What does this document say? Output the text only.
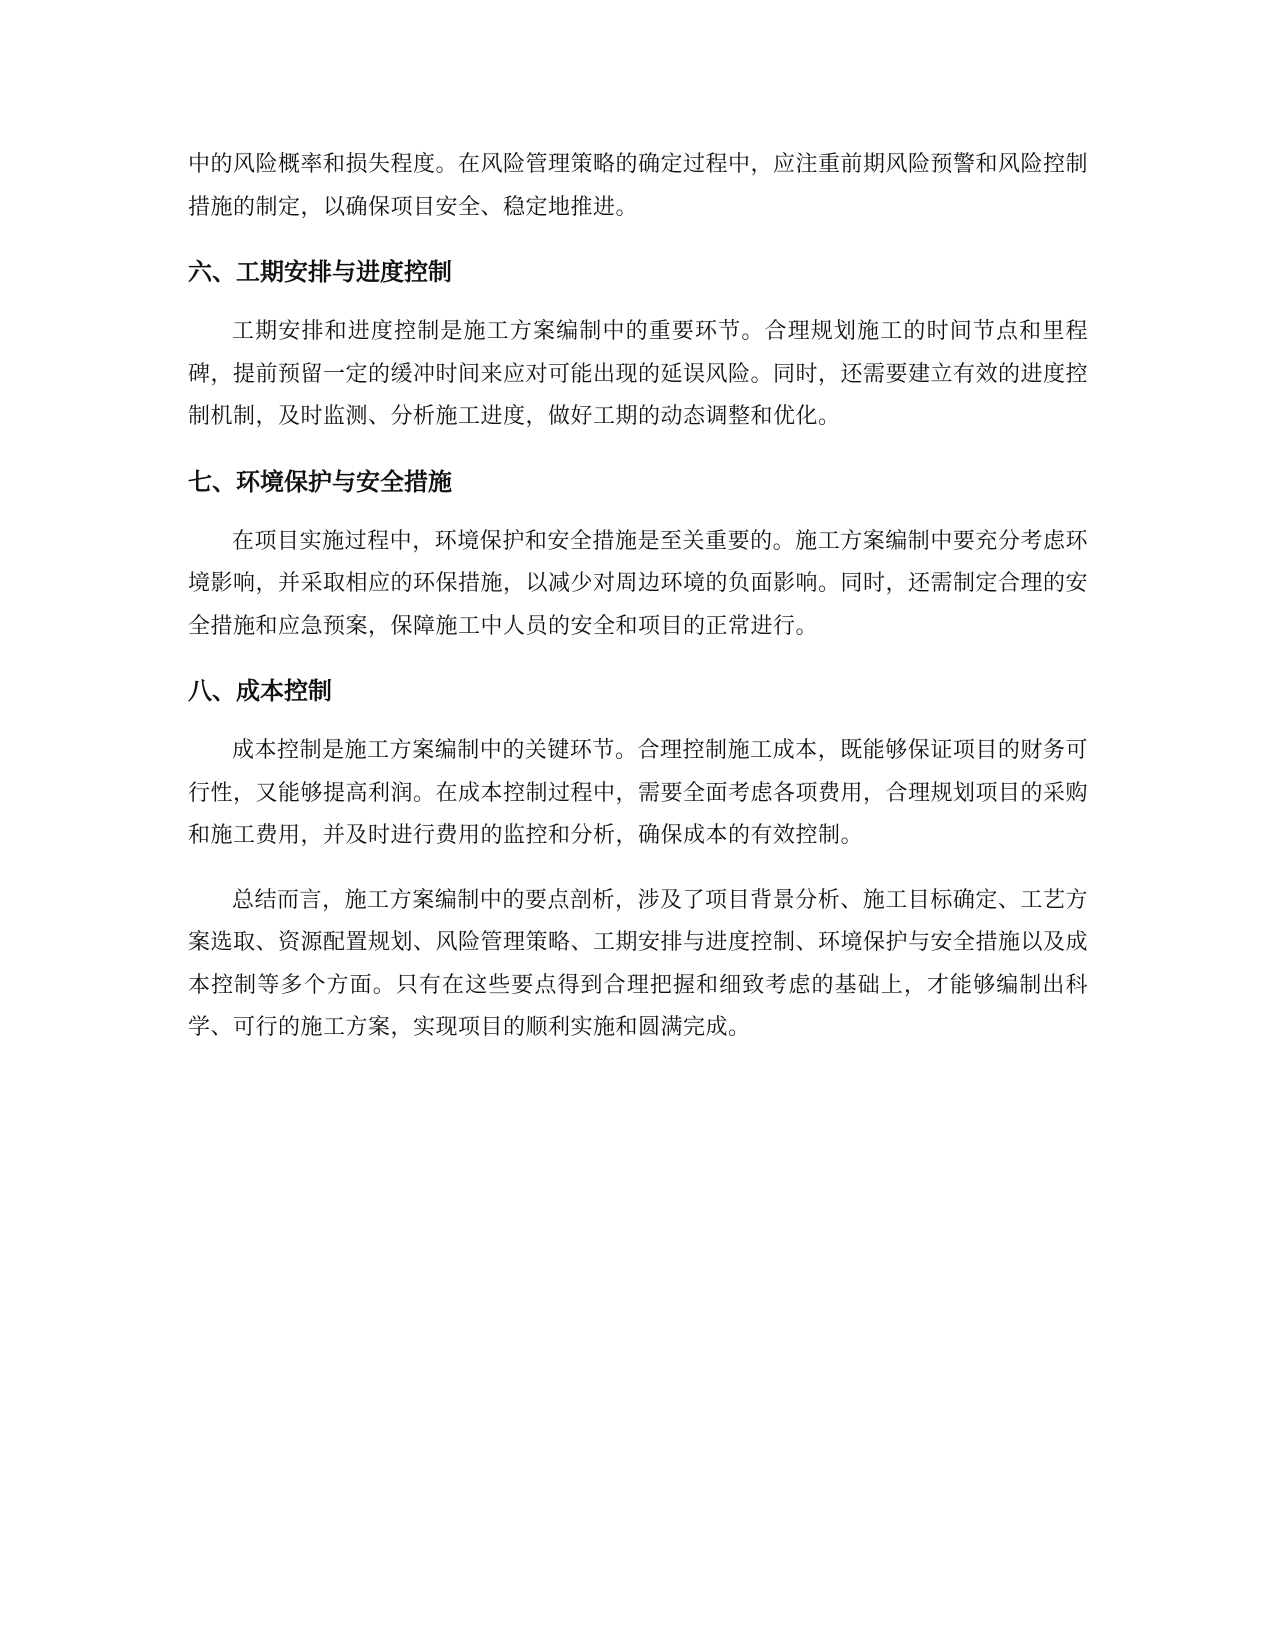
中的风险概率和损失程度。在风险管理策略的确定过程中，应注重前期风险预警和风险控制措施的制定，以确保项目安全、稳定地推进。

六、工期安排与进度控制

工期安排和进度控制是施工方案编制中的重要环节。合理规划施工的时间节点和里程碑，提前预留一定的缓冲时间来应对可能出现的延误风险。同时，还需要建立有效的进度控制机制，及时监测、分析施工进度，做好工期的动态调整和优化。

七、环境保护与安全措施

在项目实施过程中，环境保护和安全措施是至关重要的。施工方案编制中要充分考虑环境影响，并采取相应的环保措施，以减少对周边环境的负面影响。同时，还需制定合理的安全措施和应急预案，保障施工中人员的安全和项目的正常进行。

八、成本控制

成本控制是施工方案编制中的关键环节。合理控制施工成本，既能够保证项目的财务可行性，又能够提高利润。在成本控制过程中，需要全面考虑各项费用，合理规划项目的采购和施工费用，并及时进行费用的监控和分析，确保成本的有效控制。

总结而言，施工方案编制中的要点剖析，涉及了项目背景分析、施工目标确定、工艺方案选取、资源配置规划、风险管理策略、工期安排与进度控制、环境保护与安全措施以及成本控制等多个方面。只有在这些要点得到合理把握和细致考虑的基础上，才能够编制出科学、可行的施工方案，实现项目的顺利实施和圆满完成。
